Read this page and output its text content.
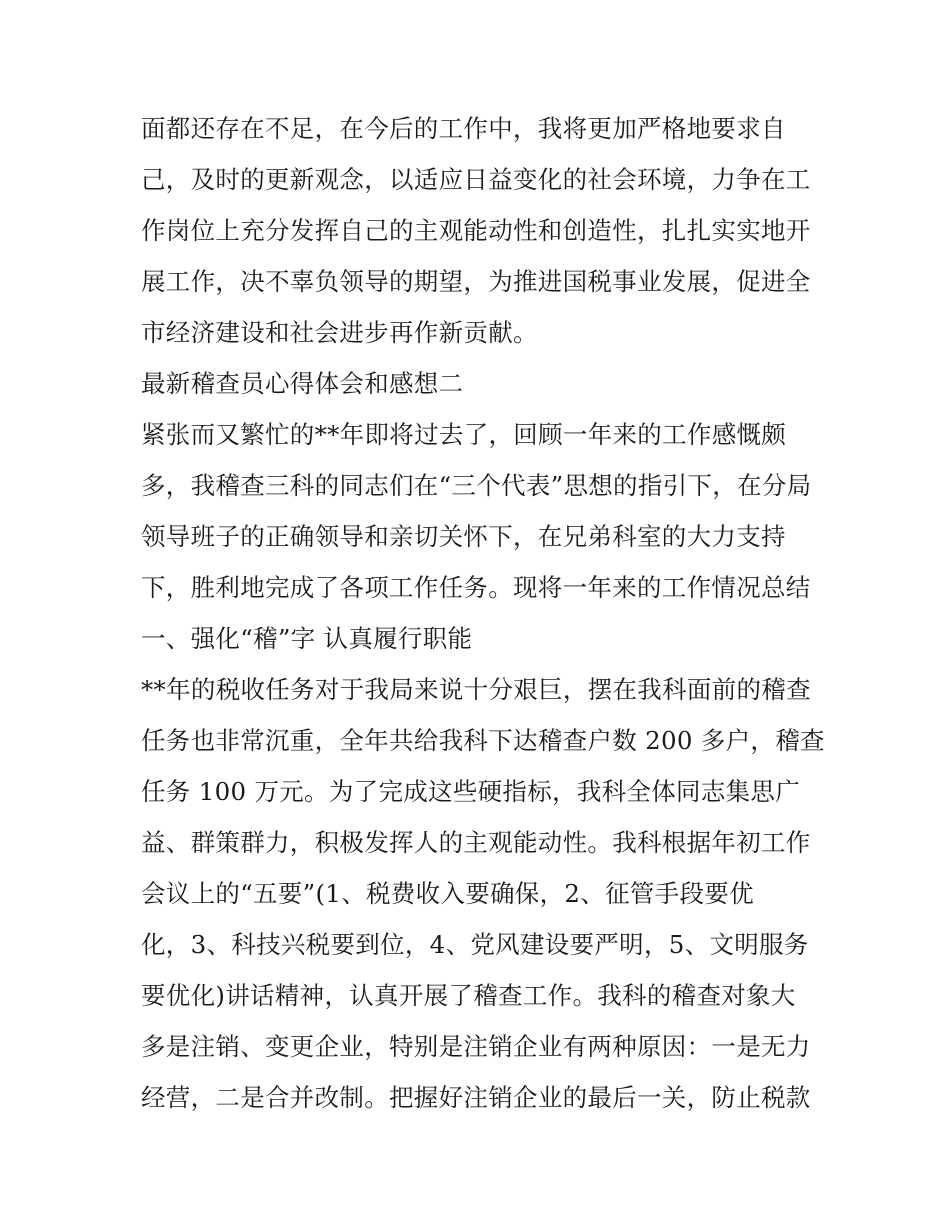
面都还存在不足，在今后的工作中，我将更加严格地要求自
己，及时的更新观念，以适应日益变化的社会环境，力争在工
作岗位上充分发挥自己的主观能动性和创造性，扎扎实实地开
展工作，决不辜负领导的期望，为推进国税事业发展，促进全
市经济建设和社会进步再作新贡献。
最新稽查员心得体会和感想二
紧张而又繁忙的**年即将过去了，回顾一年来的工作感慨颇
多，我稽查三科的同志们在“三个代表”思想的指引下，在分局
领导班子的正确领导和亲切关怀下，在兄弟科室的大力支持
下，胜利地完成了各项工作任务。现将一年来的工作情况总结
一、强化“稽”字 认真履行职能
**年的税收任务对于我局来说十分艰巨，摆在我科面前的稽查
任务也非常沉重，全年共给我科下达稽查户数 200 多户，稽查
任务 100 万元。为了完成这些硬指标，我科全体同志集思广
益、群策群力，积极发挥人的主观能动性。我科根据年初工作
会议上的“五要”(1、税费收入要确保，2、征管手段要优
化，3、科技兴税要到位，4、党风建设要严明，5、文明服务
要优化)讲话精神，认真开展了稽查工作。我科的稽查对象大
多是注销、变更企业，特别是注销企业有两种原因：一是无力
经营，二是合并改制。把握好注销企业的最后一关，防止税款
